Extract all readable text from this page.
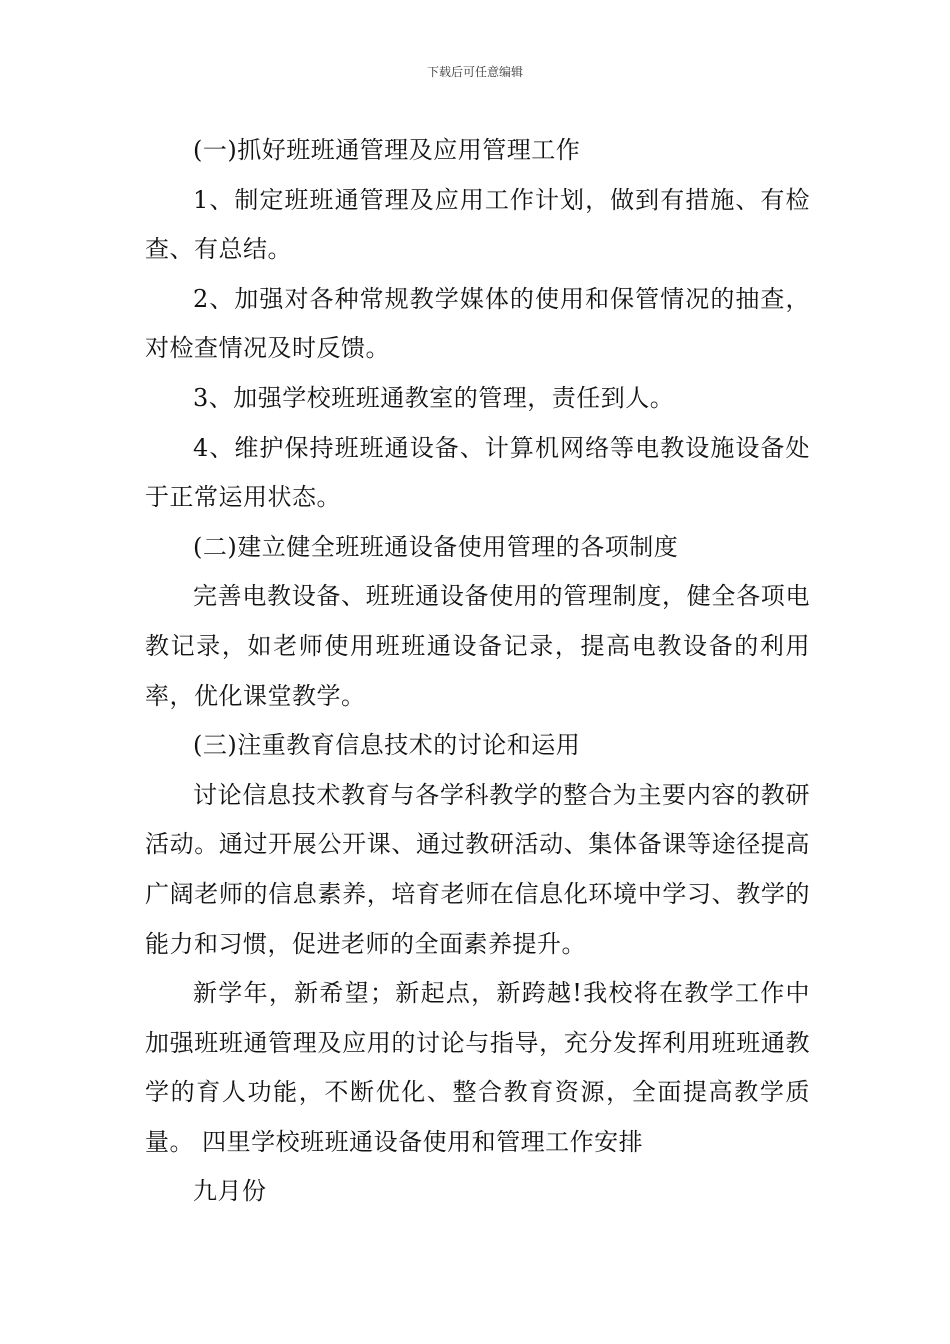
下载后可任意编辑

(一)抓好班班通管理及应用管理工作

1、制定班班通管理及应用工作计划，做到有措施、有检查、有总结。

2、加强对各种常规教学媒体的使用和保管情况的抽查，对检查情况及时反馈。

3、加强学校班班通教室的管理，责任到人。

4、维护保持班班通设备、计算机网络等电教设施设备处于正常运用状态。

(二)建立健全班班通设备使用管理的各项制度

完善电教设备、班班通设备使用的管理制度，健全各项电教记录，如老师使用班班通设备记录，提高电教设备的利用率，优化课堂教学。

(三)注重教育信息技术的讨论和运用

讨论信息技术教育与各学科教学的整合为主要内容的教研活动。通过开展公开课、通过教研活动、集体备课等途径提高广阔老师的信息素养，培育老师在信息化环境中学习、教学的能力和习惯，促进老师的全面素养提升。

新学年，新希望；新起点，新跨越!我校将在教学工作中加强班班通管理及应用的讨论与指导，充分发挥利用班班通教学的育人功能，不断优化、整合教育资源，全面提高教学质量。 四里学校班班通设备使用和管理工作安排

九月份
